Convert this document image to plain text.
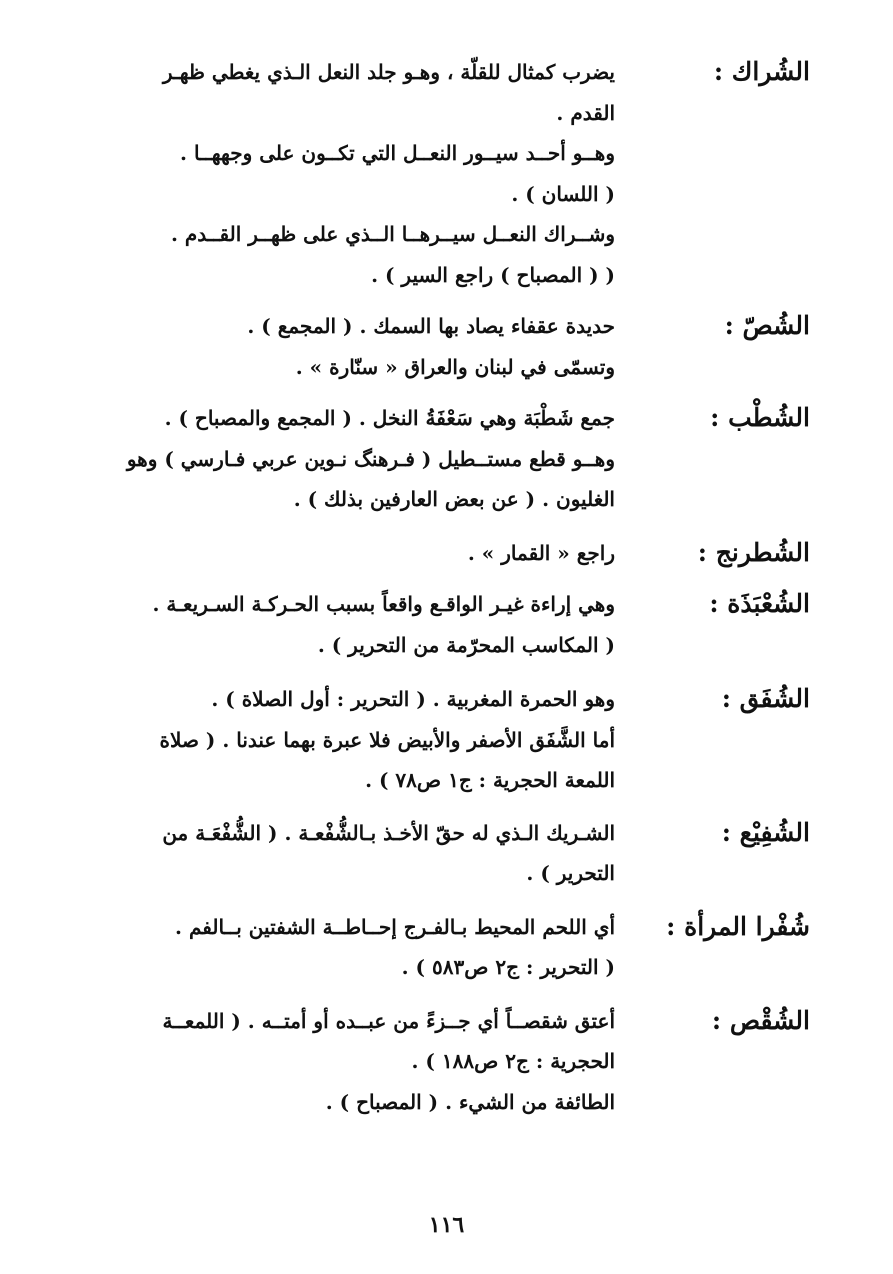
الشُراك :
يضرب كمثال للقلّة ، وهـو جلد النعل الـذي يغطي ظهـر
القدم .
وهــو أحــد سيــور النعــل التي تكــون على وجههــا .
( اللسان ) .
وشــراك النعــل سيــرهــا الــذي على ظهــر القــدم .
( ( المصباح ) راجع السير ) .
الشُصّ :
حديدة عقفاء يصاد بها السمك . ( المجمع ) .
وتسمّى في لبنان والعراق « سنّارة » .
الشُطْب :
جمع شَطْبَة وهي سَعْفَةُ النخل . ( المجمع والمصباح ) .
وهــو قطع مستــطيل ( فـرهنگ نـوين عربي فـارسي ) وهو
الغليون . ( عن بعض العارفين بذلك ) .
الشُطرنج :
راجع « القمار » .
الشُعْبَذَة :
وهي إراءة غيـر الواقـع واقعاً بسبب الحـركـة السـريعـة .
( المكاسب المحرّمة من التحرير ) .
الشُفَق :
وهو الحمرة المغربية . ( التحرير : أول الصلاة ) .
أما الشَّفَق الأصفر والأبيض فلا عبرة بهما عندنا . ( صلاة
اللمعة الحجرية : ج١ ص٧٨ ) .
الشُفِيْع :
الشـريك الـذي له حقّ الأخـذ بـالشُّفْعـة . ( الشُّفْعَـة من
التحرير ) .
شُفْرا المرأة :
أي اللحم المحيط بـالفـرج إحــاطــة الشفتين بــالفم .
( التحرير : ج٢ ص٥٨٣ ) .
الشُقْص :
أعتق شقصــاً أي جــزءً من عبــده أو أمتــه . ( اللمعــة
الحجرية : ج٢ ص١٨٨ ) .
الطائفة من الشيء . ( المصباح ) .
١١٦
